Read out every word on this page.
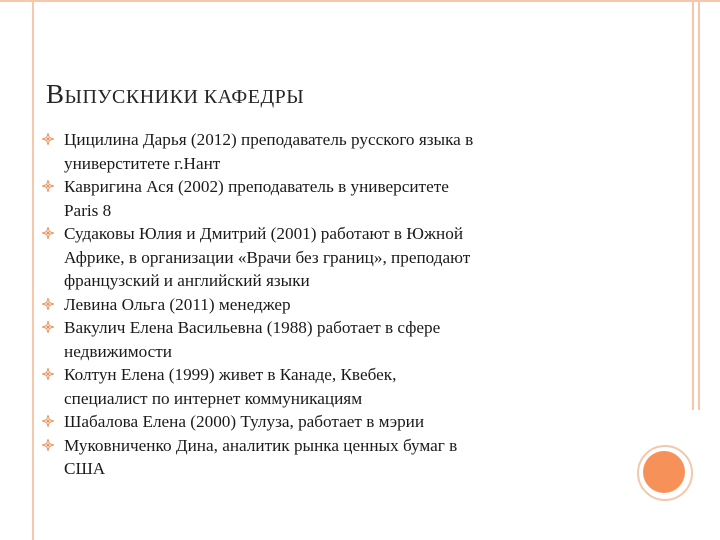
ВЫПУСКНИКИ КАФЕДРЫ
Цицилина Дарья (2012) преподаватель русского языка в
универститете г.Нант
Кавригина Ася (2002) преподаватель в университете
Paris 8
Судаковы Юлия и Дмитрий (2001) работают в Южной
Африке, в организации «Врачи без границ», преподают
французский и английский языки
Левина Ольга (2011) менеджер
Вакулич Елена Васильевна (1988) работает в сфере
недвижимости
Колтун Елена (1999) живет в Канаде, Квебек,
специалист по интернет коммуникациям
Шабалова Елена (2000) Тулуза, работает в мэрии
Муковниченко Дина, аналитик рынка ценных бумаг в
США
